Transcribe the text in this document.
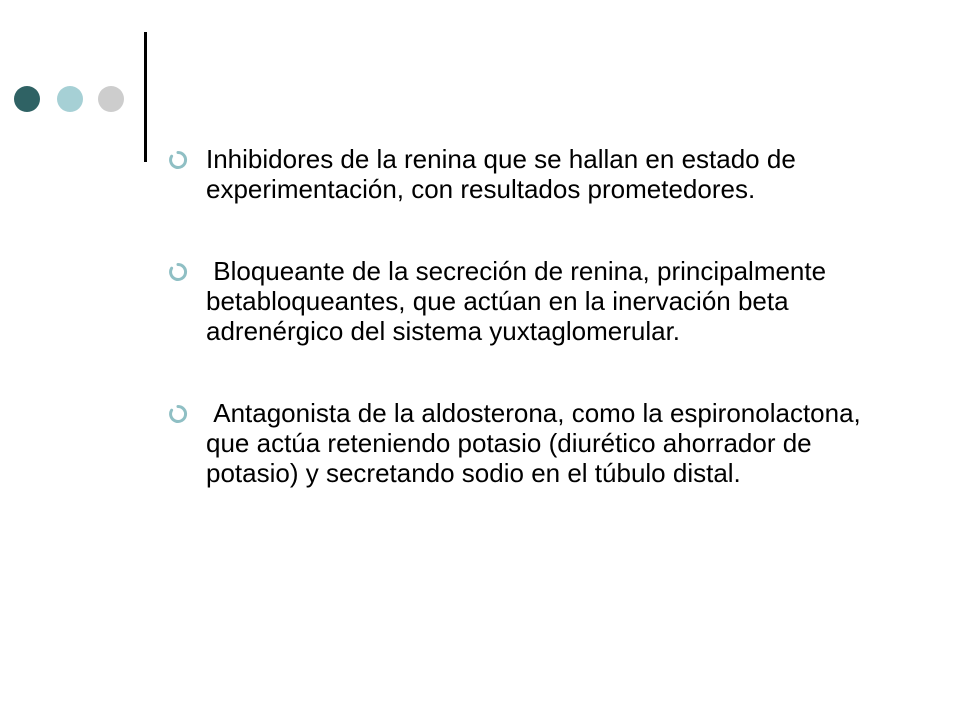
Inhibidores de la renina que se hallan en estado de experimentación, con resultados prometedores.
Bloqueante de la secreción de renina, principalmente betabloqueantes, que actúan en la inervación beta adrenérgico del sistema yuxtaglomerular.
Antagonista de la aldosterona, como la espironolactona, que actúa reteniendo potasio (diurético ahorrador de potasio) y secretando sodio en el túbulo distal.
